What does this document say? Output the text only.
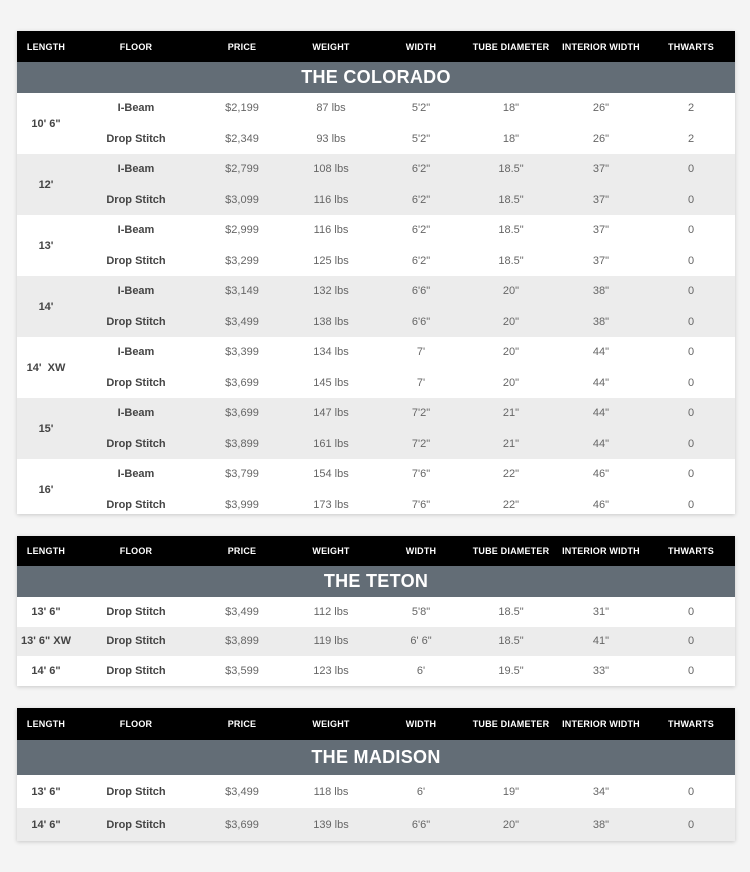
LENGTH	FLOOR	PRICE	WEIGHT	WIDTH	TUBE DIAMETER	INTERIOR WIDTH	THWARTS
THE COLORADO
10' 6"
I-Beam	$2,199	87 lbs	5'2"	18"	26"	2
Drop Stitch	$2,349	93 lbs	5'2"	18"	26"	2
12'
I-Beam	$2,799	108 lbs	6'2"	18.5"	37"	0
Drop Stitch	$3,099	116 lbs	6'2"	18.5"	37"	0
13'
I-Beam	$2,999	116 lbs	6'2"	18.5"	37"	0
Drop Stitch	$3,299	125 lbs	6'2"	18.5"	37"	0
14'
I-Beam	$3,149	132 lbs	6'6"	20"	38"	0
Drop Stitch	$3,499	138 lbs	6'6"	20"	38"	0
14'  XW
I-Beam	$3,399	134 lbs	7'	20"	44"	0
Drop Stitch	$3,699	145 lbs	7'	20"	44"	0
15'
I-Beam	$3,699	147 lbs	7'2"	21"	44"	0
Drop Stitch	$3,899	161 lbs	7'2"	21"	44"	0
16'
I-Beam	$3,799	154 lbs	7'6"	22"	46"	0
Drop Stitch	$3,999	173 lbs	7'6"	22"	46"	0
LENGTH	FLOOR	PRICE	WEIGHT	WIDTH	TUBE DIAMETER	INTERIOR WIDTH	THWARTS
THE TETON
13' 6"	Drop Stitch	$3,499	112 lbs	5'8"	18.5"	31"	0
13' 6" XW	Drop Stitch	$3,899	119 lbs	6' 6"	18.5"	41"	0
14' 6"	Drop Stitch	$3,599	123 lbs	6'	19.5"	33"	0
LENGTH	FLOOR	PRICE	WEIGHT	WIDTH	TUBE DIAMETER	INTERIOR WIDTH	THWARTS
THE MADISON
13' 6"	Drop Stitch	$3,499	118 lbs	6'	19"	34"	0
14' 6"	Drop Stitch	$3,699	139 lbs	6'6"	20"	38"	0
